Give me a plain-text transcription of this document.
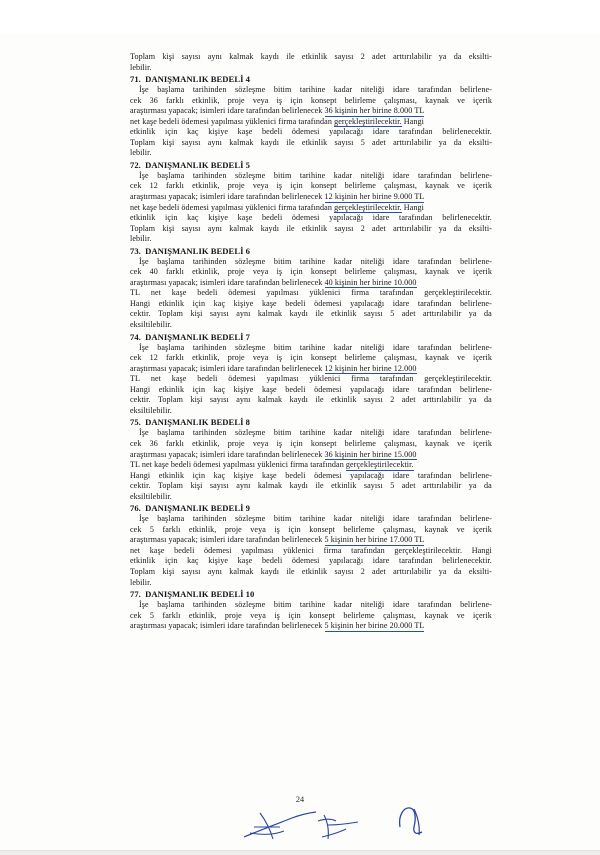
Toplam kişi sayısı aynı kalmak kaydı ile etkinlik sayısı 2 adet arttırılabilir ya da eksilti-
lebilir.

71. DANIŞMANLIK BEDELİ 4

İşe başlama tarihinden sözleşme bitim tarihine kadar niteliği idare tarafından belirlene-
cek 36 farklı etkinlik, proje veya iş için konsept belirleme çalışması, kaynak ve içerik
araştırması yapacak; isimleri idare tarafından belirlenecek 36 kişinin her birine 8.000 TL
net kaşe bedeli ödemesi yapılması yüklenici firma tarafından gerçekleştirilecektir. Hangi
etkinlik için kaç kişiye kaşe bedeli ödemesi yapılacağı idare tarafından belirlenecektir.
Toplam kişi sayısı aynı kalmak kaydı ile etkinlik sayısı 5 adet arttırılabilir ya da eksilti-
lebilir.

72. DANIŞMANLIK BEDELİ 5

İşe başlama tarihinden sözleşme bitim tarihine kadar niteliği idare tarafından belirlene-
cek 12 farklı etkinlik, proje veya iş için konsept belirleme çalışması, kaynak ve içerik
araştırması yapacak; isimleri idare tarafından belirlenecek 12 kişinin her birine 9.000 TL
net kaşe bedeli ödemesi yapılması yüklenici firma tarafından gerçekleştirilecektir. Hangi
etkinlik için kaç kişiye kaşe bedeli ödemesi yapılacağı idare tarafından belirlenecektir.
Toplam kişi sayısı aynı kalmak kaydı ile etkinlik sayısı 2 adet arttırılabilir ya da eksilti-
lebilir.

73. DANIŞMANLIK BEDELİ 6

İşe başlama tarihinden sözleşme bitim tarihine kadar niteliği idare tarafından belirlene-
cek 40 farklı etkinlik, proje veya iş için konsept belirleme çalışması, kaynak ve içerik
araştırması yapacak; isimleri idare tarafından belirlenecek 40 kişinin her birine 10.000
TL net kaşe bedeli ödemesi yapılması yüklenici firma tarafından gerçekleştirilecektir.
Hangi etkinlik için kaç kişiye kaşe bedeli ödemesi yapılacağı idare tarafından belirlene-
cektir. Toplam kişi sayısı aynı kalmak kaydı ile etkinlik sayısı 5 adet arttırılabilir ya da
eksiltilebilir.

74. DANIŞMANLIK BEDELİ 7

İşe başlama tarihinden sözleşme bitim tarihine kadar niteliği idare tarafından belirlene-
cek 12 farklı etkinlik, proje veya iş için konsept belirleme çalışması, kaynak ve içerik
araştırması yapacak; isimleri idare tarafından belirlenecek 12 kişinin her birine 12.000
TL net kaşe bedeli ödemesi yapılması yüklenici firma tarafından gerçekleştirilecektir.
Hangi etkinlik için kaç kişiye kaşe bedeli ödemesi yapılacağı idare tarafından belirlene-
cektir. Toplam kişi sayısı aynı kalmak kaydı ile etkinlik sayısı 2 adet arttırılabilir ya da
eksiltilebilir.

75. DANIŞMANLIK BEDELİ 8

İşe başlama tarihinden sözleşme bitim tarihine kadar niteliği idare tarafından belirlene-
cek 36 farklı etkinlik, proje veya iş için konsept belirleme çalışması, kaynak ve içerik
araştırması yapacak; isimleri idare tarafından belirlenecek 36 kişinin her birine 15.000
TL net kaşe bedeli ödemesi yapılması yüklenici firma tarafından gerçekleştirilecektir.
Hangi etkinlik için kaç kişiye kaşe bedeli ödemesi yapılacağı idare tarafından belirlene-
cektir. Toplam kişi sayısı aynı kalmak kaydı ile etkinlik sayısı 5 adet arttırılabilir ya da
eksiltilebilir.

76. DANIŞMANLIK BEDELİ 9

İşe başlama tarihinden sözleşme bitim tarihine kadar niteliği idare tarafından belirlene-
cek 5 farklı etkinlik, proje veya iş için konsept belirleme çalışması, kaynak ve içerik
araştırması yapacak; isimleri idare tarafından belirlenecek 5 kişinin her birine 17.000 TL
net kaşe bedeli ödemesi yapılması yüklenici firma tarafından gerçekleştirilecektir. Hangi
etkinlik için kaç kişiye kaşe bedeli ödemesi yapılacağı idare tarafından belirlenecektir.
Toplam kişi sayısı aynı kalmak kaydı ile etkinlik sayısı 2 adet arttırılabilir ya da eksilti-
lebilir.

77. DANIŞMANLIK BEDELİ 10

İşe başlama tarihinden sözleşme bitim tarihine kadar niteliği idare tarafından belirlene-
cek 5 farklı etkinlik, proje veya iş için konsept belirleme çalışması, kaynak ve içerik
araştırması yapacak; isimleri idare tarafından belirlenecek 5 kişinin her birine 20.000 TL

24
